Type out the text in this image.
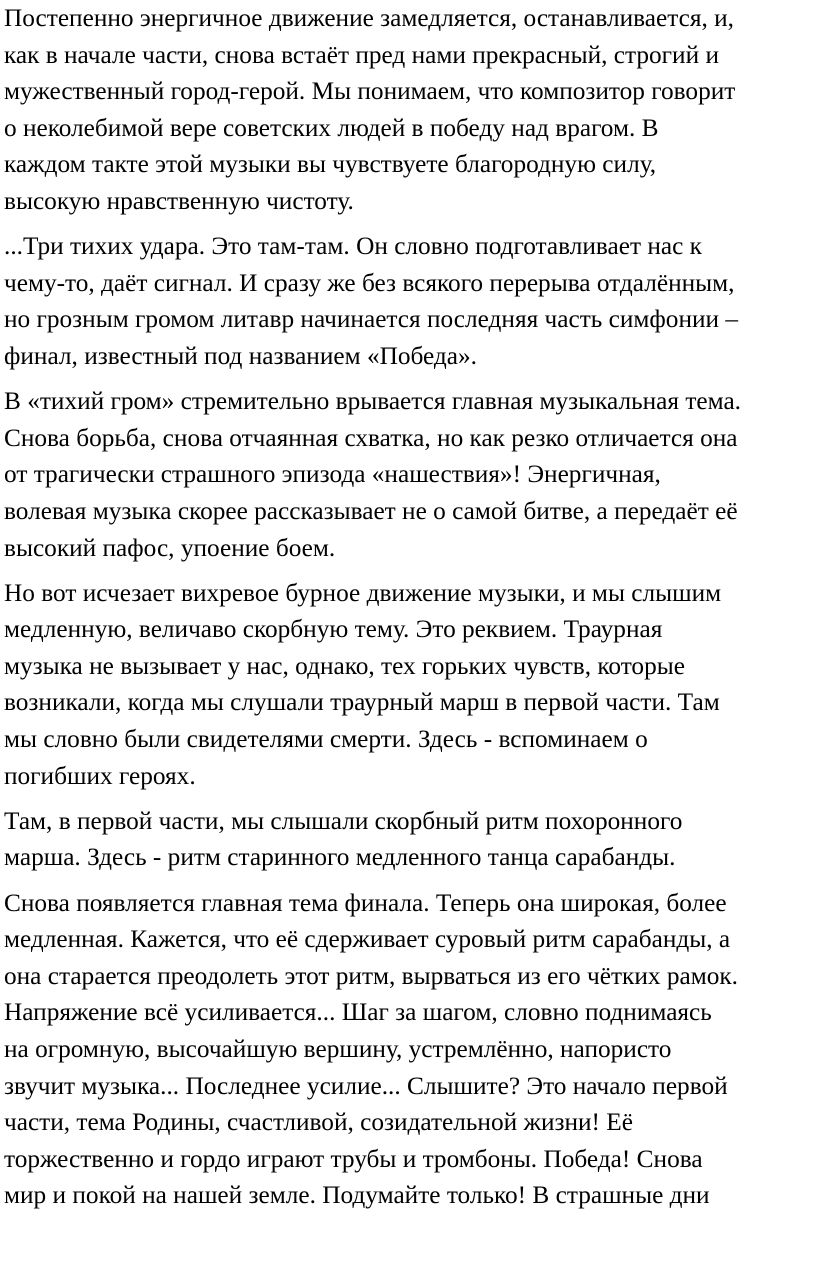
Постепенно энергичное движение замедляется, останавливается, и,
как в начале части, снова встаёт пред нами прекрасный, строгий и
мужественный город-герой. Мы понимаем, что композитор говорит
о неколебимой вере советских людей в победу над врагом. В
каждом такте этой музыки вы чувствуете благородную силу,
высокую нравственную чистоту.

...Три тихих удара. Это там-там. Он словно подготавливает нас к
чему-то, даёт сигнал. И сразу же без всякого перерыва отдалённым,
но грозным громом литавр начинается последняя часть симфонии –
финал, известный под названием «Победа».

В «тихий гром» стремительно врывается главная музыкальная тема.
Снова борьба, снова отчаянная схватка, но как резко отличается она
от трагически страшного эпизода «нашествия»! Энергичная,
волевая музыка скорее рассказывает не о самой битве, а передаёт её
высокий пафос, упоение боем.

Но вот исчезает вихревое бурное движение музыки, и мы слышим
медленную, величаво скорбную тему. Это реквием. Траурная
музыка не вызывает у нас, однако, тех горьких чувств, которые
возникали, когда мы слушали траурный марш в первой части. Там
мы словно были свидетелями смерти. Здесь - вспоминаем о
погибших героях.

Там, в первой части, мы слышали скорбный ритм похоронного
марша. Здесь - ритм старинного медленного танца сарабанды.

Снова появляется главная тема финала. Теперь она широкая, более
медленная. Кажется, что её сдерживает суровый ритм сарабанды, а
она старается преодолеть этот ритм, вырваться из его чётких рамок.
Напряжение всё усиливается... Шаг за шагом, словно поднимаясь
на огромную, высочайшую вершину, устремлённо, напористо
звучит музыка... Последнее усилие... Слышите? Это начало первой
части, тема Родины, счастливой, созидательной жизни! Её
торжественно и гордо играют трубы и тромбоны. Победа! Снова
мир и покой на нашей земле. Подумайте только! В страшные дни
